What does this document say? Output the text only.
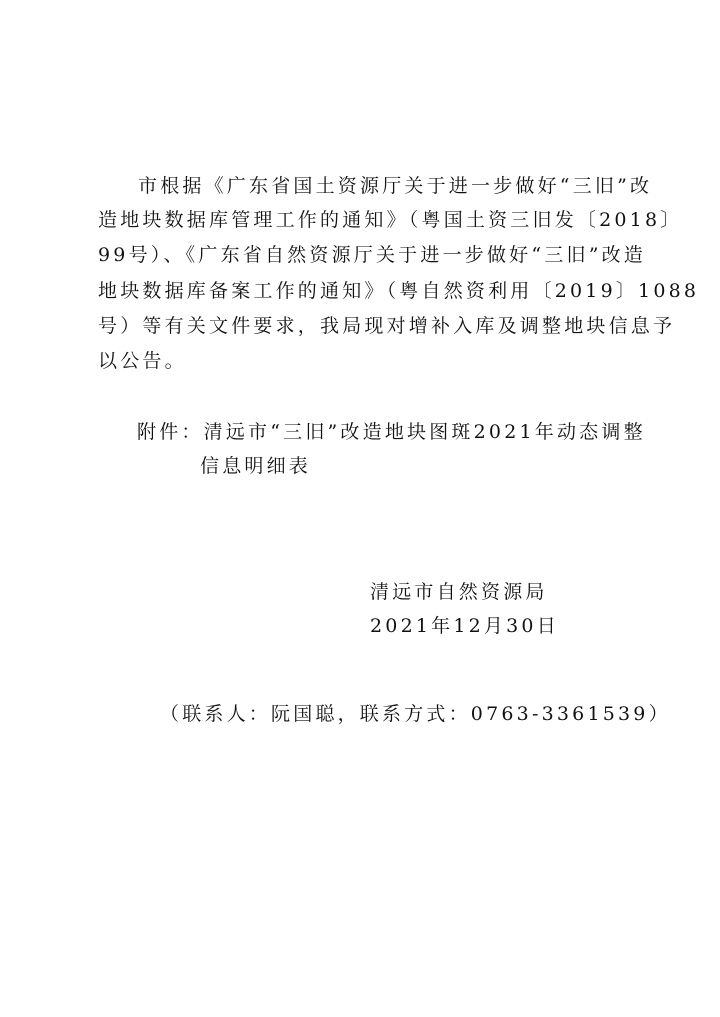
市根据《广东省国土资源厅关于进一步做好“三旧”改
造地块数据库管理工作的通知》（粤国土资三旧发〔2018〕
99号）、《广东省自然资源厅关于进一步做好“三旧”改造
地块数据库备案工作的通知》（粤自然资利用〔2019〕1088
号）等有关文件要求，我局现对增补入库及调整地块信息予
以公告。
附件：清远市“三旧”改造地块图斑2021年动态调整
信息明细表
清远市自然资源局
2021年12月30日
（联系人：阮国聪，联系方式：0763-3361539）
